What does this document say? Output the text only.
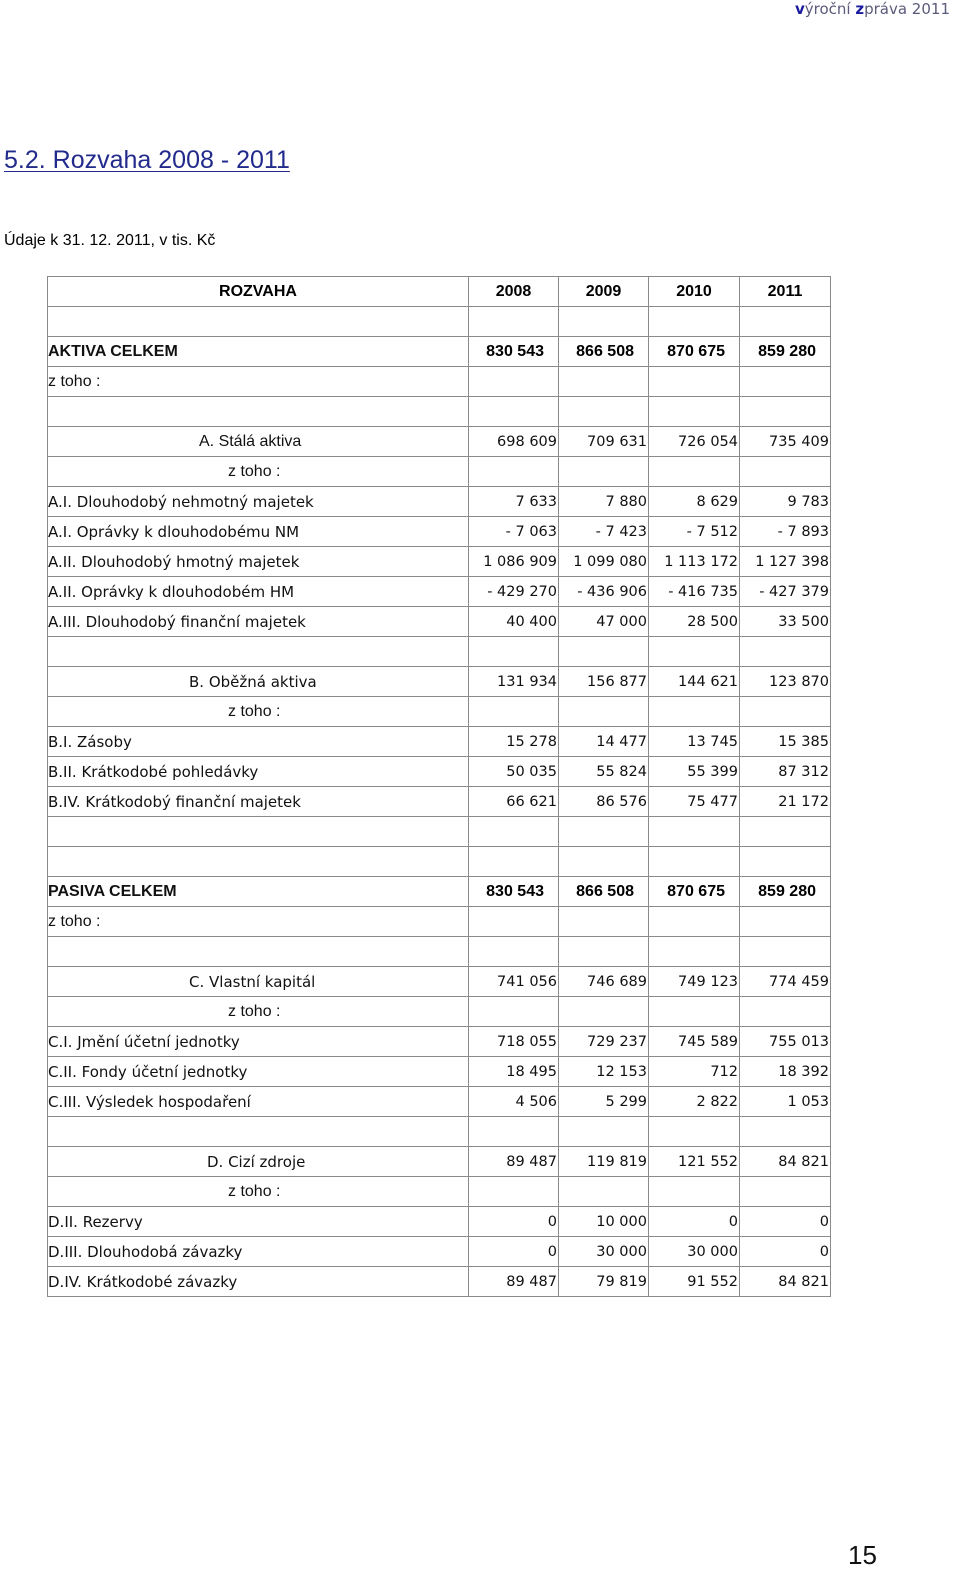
výroční zpráva 2011
5.2. Rozvaha 2008 - 2011
Údaje k 31. 12. 2011, v tis. Kč
ROZVAHA	2008	2009	2010	2011

AKTIVA CELKEM	830 543	866 508	870 675	859 280
z toho :				

A. Stálá aktiva	698 609	709 631	726 054	735 409
z toho :				
A.I. Dlouhodobý nehmotný majetek	7 633	7 880	8 629	9 783
A.I. Oprávky k dlouhodobému NM	- 7 063	- 7 423	- 7 512	- 7 893
A.II. Dlouhodobý hmotný majetek	1 086 909	1 099 080	1 113 172	1 127 398
A.II. Oprávky k dlouhodobém HM	- 429 270	- 436 906	- 416 735	- 427 379
A.III. Dlouhodobý finanční majetek	40 400	47 000	28 500	33 500

B. Oběžná aktiva	131 934	156 877	144 621	123 870
z toho :				
B.I. Zásoby	15 278	14 477	13 745	15 385
B.II. Krátkodobé pohledávky	50 035	55 824	55 399	87 312
B.IV. Krátkodobý finanční majetek	66 621	86 576	75 477	21 172

PASIVA CELKEM	830 543	866 508	870 675	859 280
z toho :				

C. Vlastní kapitál	741 056	746 689	749 123	774 459
z toho :				
C.I. Jmění účetní jednotky	718 055	729 237	745 589	755 013
C.II. Fondy účetní jednotky	18 495	12 153	712	18 392
C.III. Výsledek hospodaření	4 506	5 299	2 822	1 053

D. Cizí zdroje	89 487	119 819	121 552	84 821
z toho :				
D.II. Rezervy	0	10 000	0	0
D.III. Dlouhodobá závazky	0	30 000	30 000	0
D.IV. Krátkodobé závazky	89 487	79 819	91 552	84 821
15
